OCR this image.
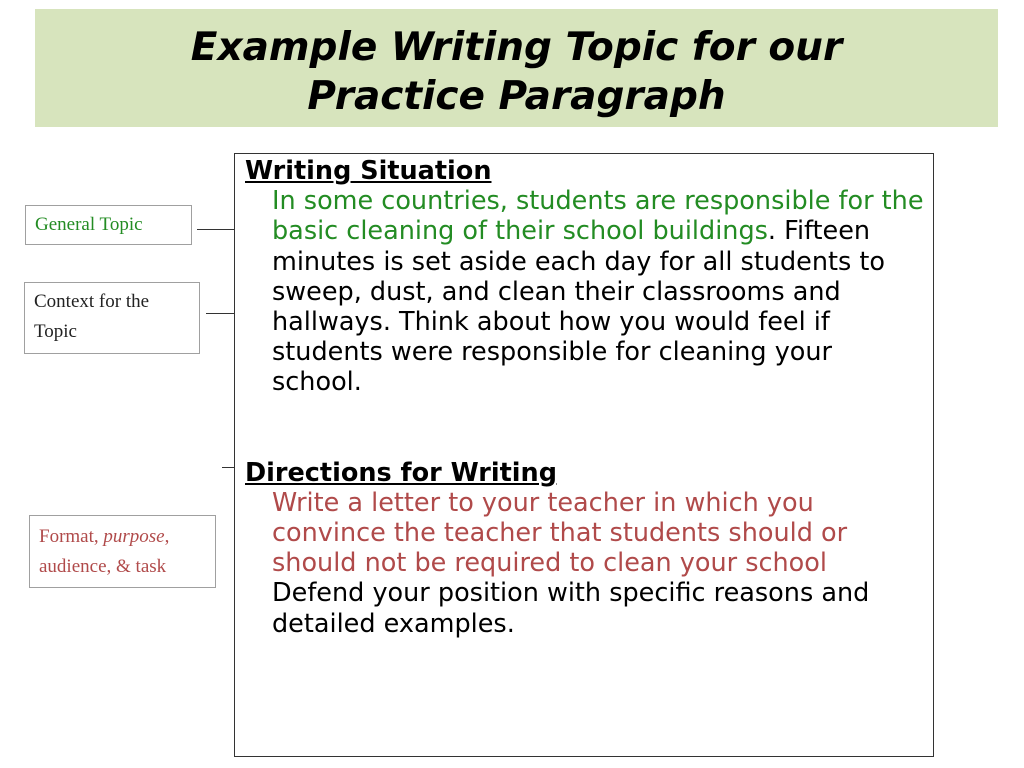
Example Writing Topic for our
Practice Paragraph
General Topic
Context for the Topic
Format, purpose, audience, & task
Writing Situation
In some countries, students are responsible for the basic cleaning of their school buildings. Fifteen minutes is set aside each day for all students to sweep, dust, and clean their classrooms and hallways. Think about how you would feel if students were responsible for cleaning your school.
Directions for Writing
Write a letter to your teacher in which you convince the teacher that students should or should not be required to clean your school Defend your position with specific reasons and detailed examples.
